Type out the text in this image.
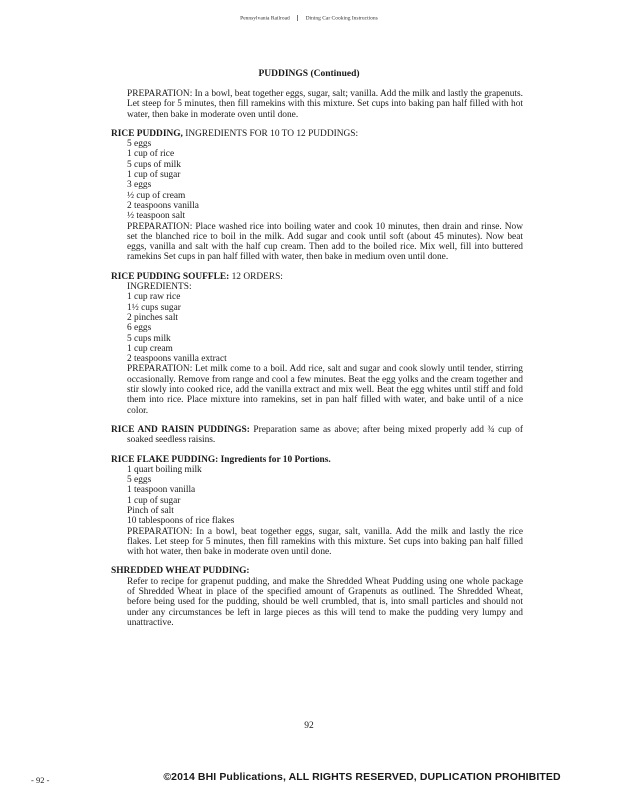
Pennsylvania Railroad	Dining Car Cooking Instructions
PUDDINGS (Continued)
PREPARATION: In a bowl, beat together eggs, sugar, salt; vanilla. Add the milk and lastly the grapenuts. Let steep for 5 minutes, then fill ramekins with this mixture. Set cups into baking pan half filled with hot water, then bake in moderate oven until done.
RICE PUDDING, INGREDIENTS FOR 10 TO 12 PUDDINGS:
5 eggs
1 cup of rice
5 cups of milk
1 cup of sugar
3 eggs
½ cup of cream
2 teaspoons vanilla
½ teaspoon salt
PREPARATION: Place washed rice into boiling water and cook 10 minutes, then drain and rinse. Now set the blanched rice to boil in the milk. Add sugar and cook until soft (about 45 minutes). Now beat eggs, vanilla and salt with the half cup cream. Then add to the boiled rice. Mix well, fill into buttered ramekins Set cups in pan half filled with water, then bake in medium oven until done.
RICE PUDDING SOUFFLE: 12 ORDERS:
INGREDIENTS:
1 cup raw rice
1½ cups sugar
2 pinches salt
6 eggs
5 cups milk
1 cup cream
2 teaspoons vanilla extract
PREPARATION: Let milk come to a boil. Add rice, salt and sugar and cook slowly until tender, stirring occasionally. Remove from range and cool a few minutes. Beat the egg yolks and the cream together and stir slowly into cooked rice, add the vanilla extract and mix well. Beat the egg whites until stiff and fold them into rice. Place mixture into ramekins, set in pan half filled with water, and bake until of a nice color.
RICE AND RAISIN PUDDINGS: Preparation same as above; after being mixed properly add ¾ cup of soaked seedless raisins.
RICE FLAKE PUDDING: Ingredients for 10 Portions.
1 quart boiling milk
5 eggs
1 teaspoon vanilla
1 cup of sugar
Pinch of salt
10 tablespoons of rice flakes
PREPARATION: In a bowl, beat together eggs, sugar, salt, vanilla. Add the milk and lastly the rice flakes. Let steep for 5 minutes, then fill ramekins with this mixture. Set cups into baking pan half filled with hot water, then bake in moderate oven until done.
SHREDDED WHEAT PUDDING:
Refer to recipe for grapenut pudding, and make the Shredded Wheat Pudding using one whole package of Shredded Wheat in place of the specified amount of Grapenuts as outlined. The Shredded Wheat, before being used for the pudding, should be well crumbled, that is, into small particles and should not under any circumstances be left in large pieces as this will tend to make the pudding very lumpy and unattractive.
92
- 92 -	©2014 BHI Publications, ALL RIGHTS RESERVED, DUPLICATION PROHIBITED
